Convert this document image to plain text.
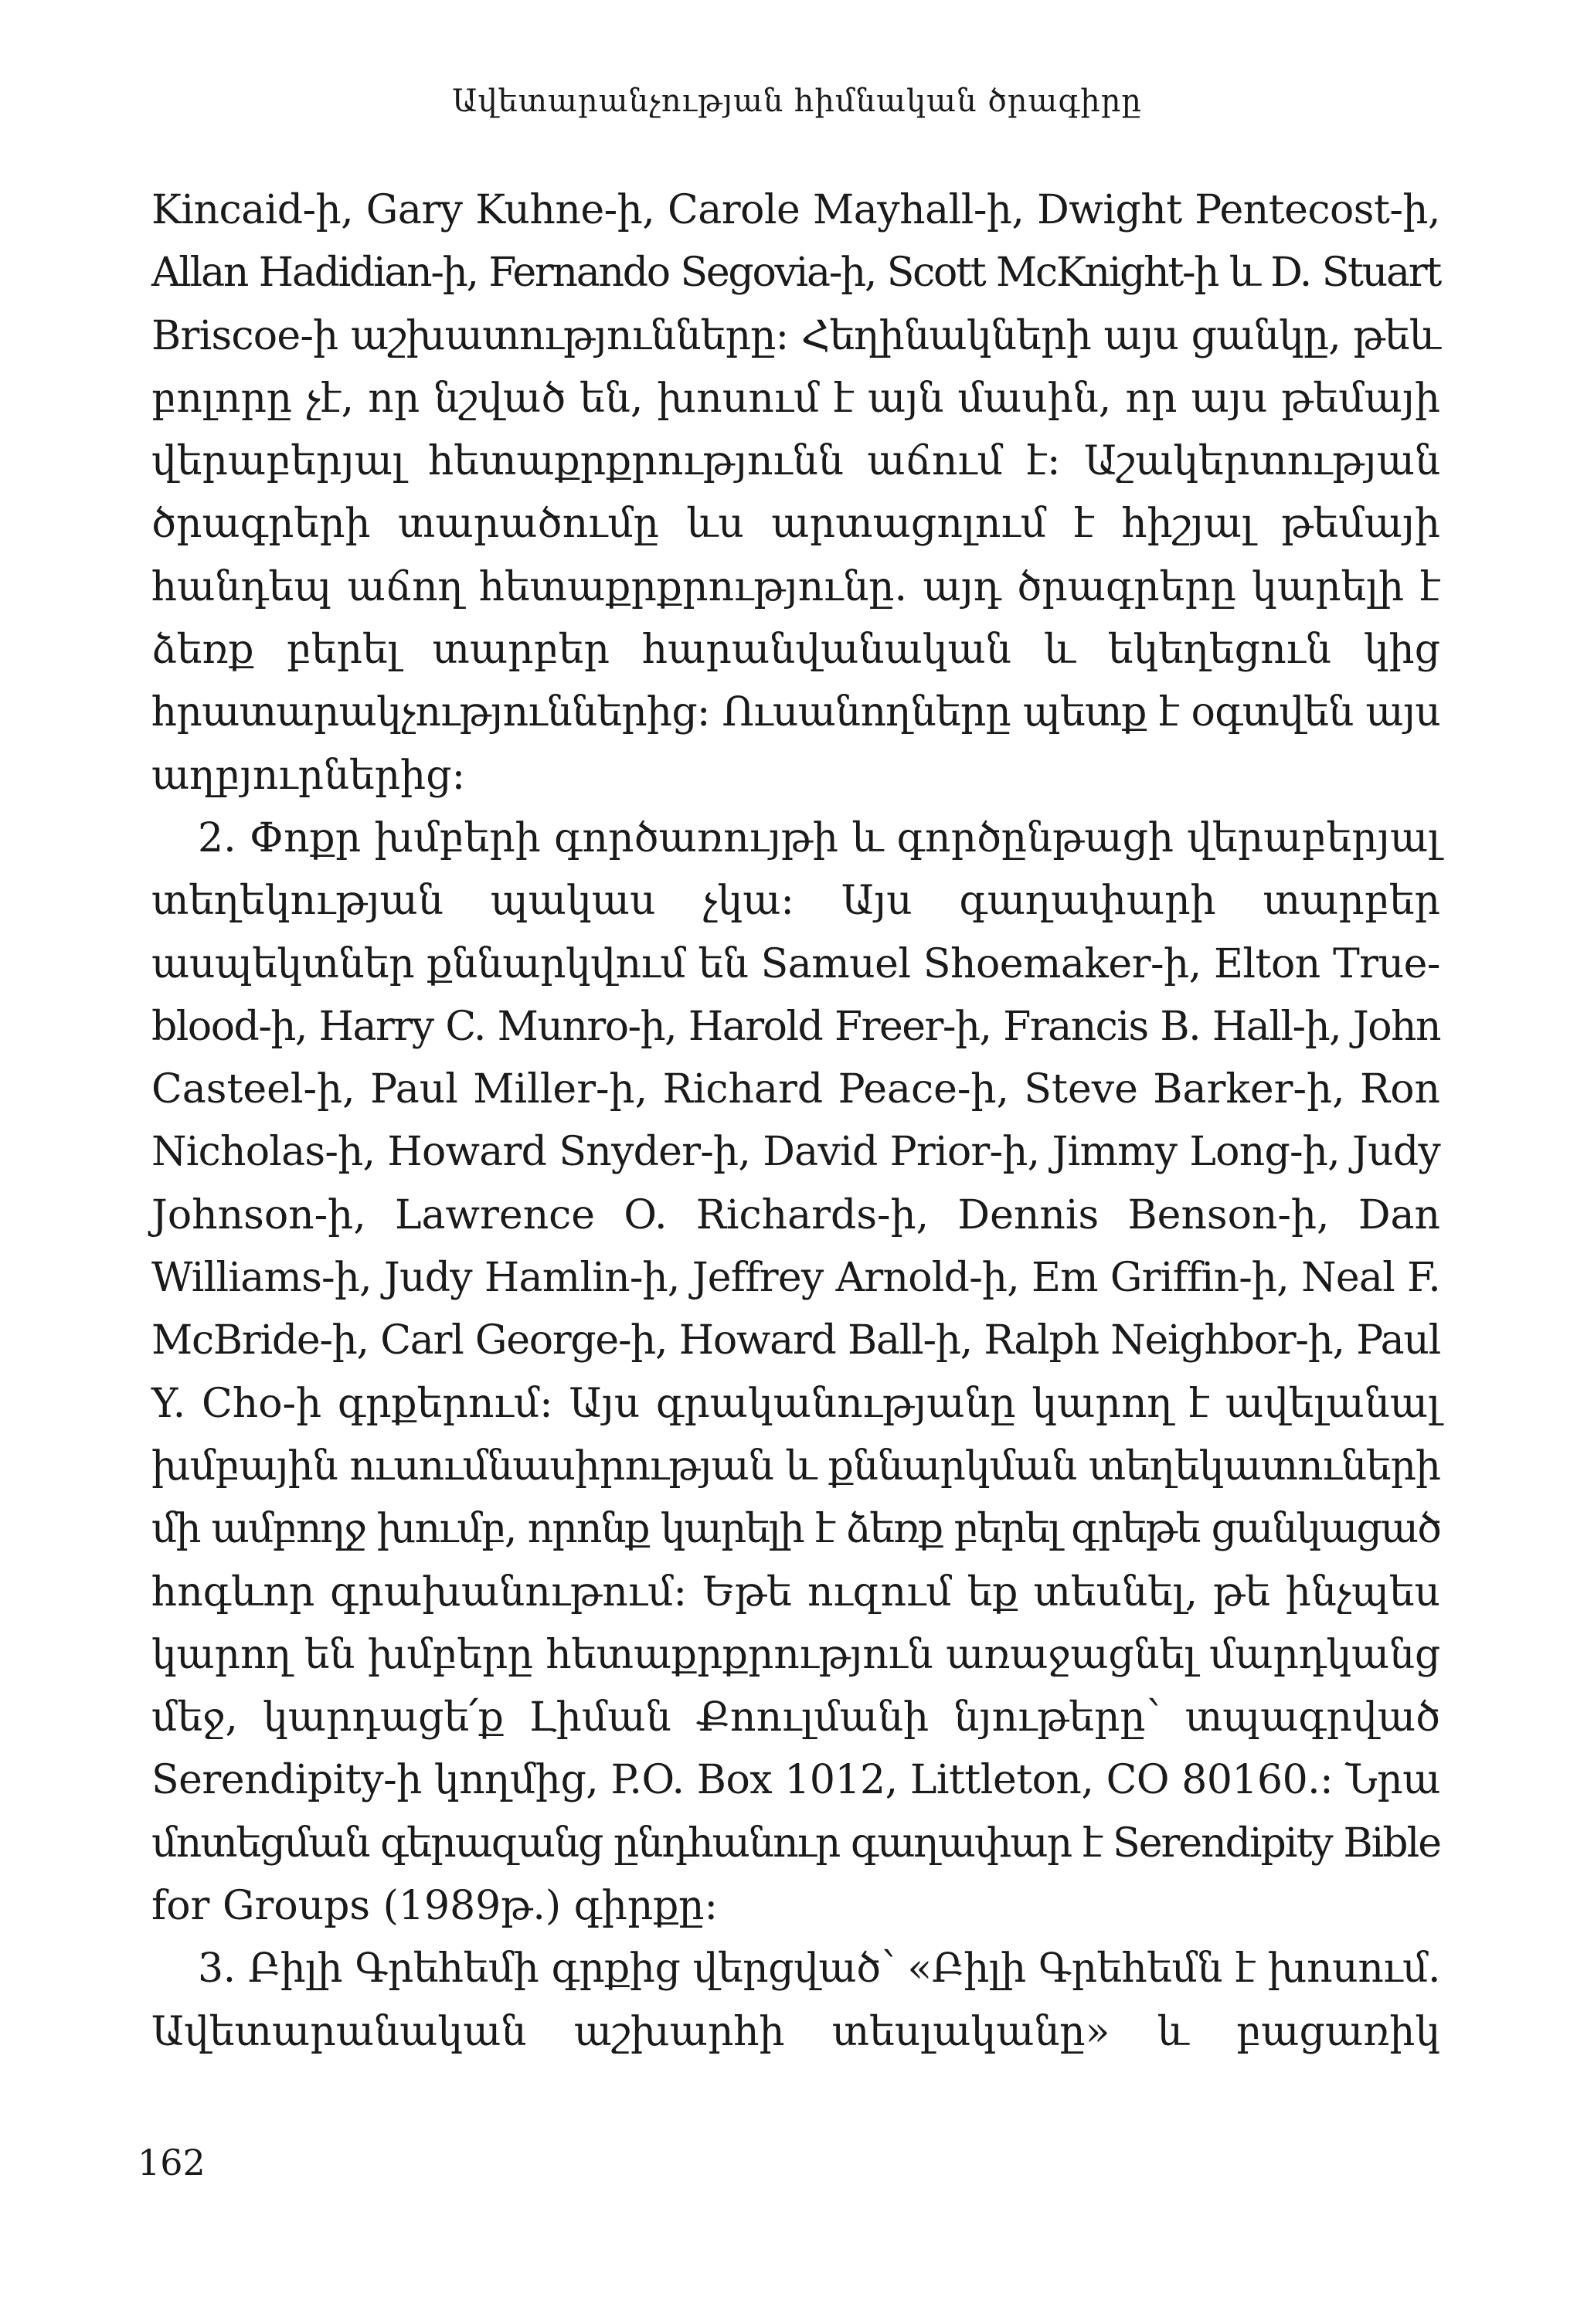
Ավետարանչության հիմնական ծրագիրը
Kincaid-ի, Gary Kuhne-ի, Carole Mayhall-ի, Dwight Pentecost-ի,
Allan Hadidian-ի, Fernando Segovia-ի, Scott McKnight-ի և D. Stuart
Briscoe-ի աշխատությունները: Հեղինակների այս ցանկը, թեև
բոլորը չէ, որ նշված են, խոսում է այն մասին, որ այս թեմայի
վերաբերյալ հետաքրքրությունն աճում է: Աշակերտության
ծրագրերի տարածումը ևս արտացոլում է հիշյալ թեմայի
հանդեպ աճող հետաքրքրությունը. այդ ծրագրերը կարելի է
ձեռք բերել տարբեր հարանվանական և եկեղեցուն կից
հրատարակչություններից: Ուսանողները պետք է օգտվեն այս
աղբյուրներից:
2. Փոքր խմբերի գործառույթի և գործընթացի վերաբերյալ
տեղեկության պակաս չկա: Այս գաղափարի տարբեր
ասպեկտներ քննարկվում են Samuel Shoemaker-ի, Elton True-
blood-ի, Harry C. Munro-ի, Harold Freer-ի, Francis B. Hall-ի, John
Casteel-ի, Paul Miller-ի, Richard Peace-ի, Steve Barker-ի, Ron
Nicholas-ի, Howard Snyder-ի, David Prior-ի, Jimmy Long-ի, Judy
Johnson-ի, Lawrence O. Richards-ի, Dennis Benson-ի, Dan
Williams-ի, Judy Hamlin-ի, Jeffrey Arnold-ի, Em Griffin-ի, Neal F.
McBride-ի, Carl George-ի, Howard Ball-ի, Ralph Neighbor-ի, Paul
Y. Cho-ի գրքերում: Այս գրականությանը կարող է ավելանալ
խմբային ուսումնասիրության և քննարկման տեղեկատուների
մի ամբողջ խումբ, որոնք կարելի է ձեռք բերել գրեթե ցանկացած
հոգևոր գրախանութում: Եթե ուզում եք տեսնել, թե ինչպես
կարող են խմբերը հետաքրքրություն առաջացնել մարդկանց
մեջ, կարդացե՛ք Լիման Քոուլմանի նյութերը՝ տպագրված
Serendipity-ի կողմից, P.O. Box 1012, Littleton, CO 80160.: Նրա
մոտեցման գերազանց ընդհանուր գաղափար է Serendipity Bible
for Groups (1989թ.) գիրքը:
3. Բիլի Գրեհեմի գրքից վերցված՝ «Բիլի Գրեհեմն է խոսում.
Ավետարանական աշխարհի տեսլականը» և բացառիկ
162
